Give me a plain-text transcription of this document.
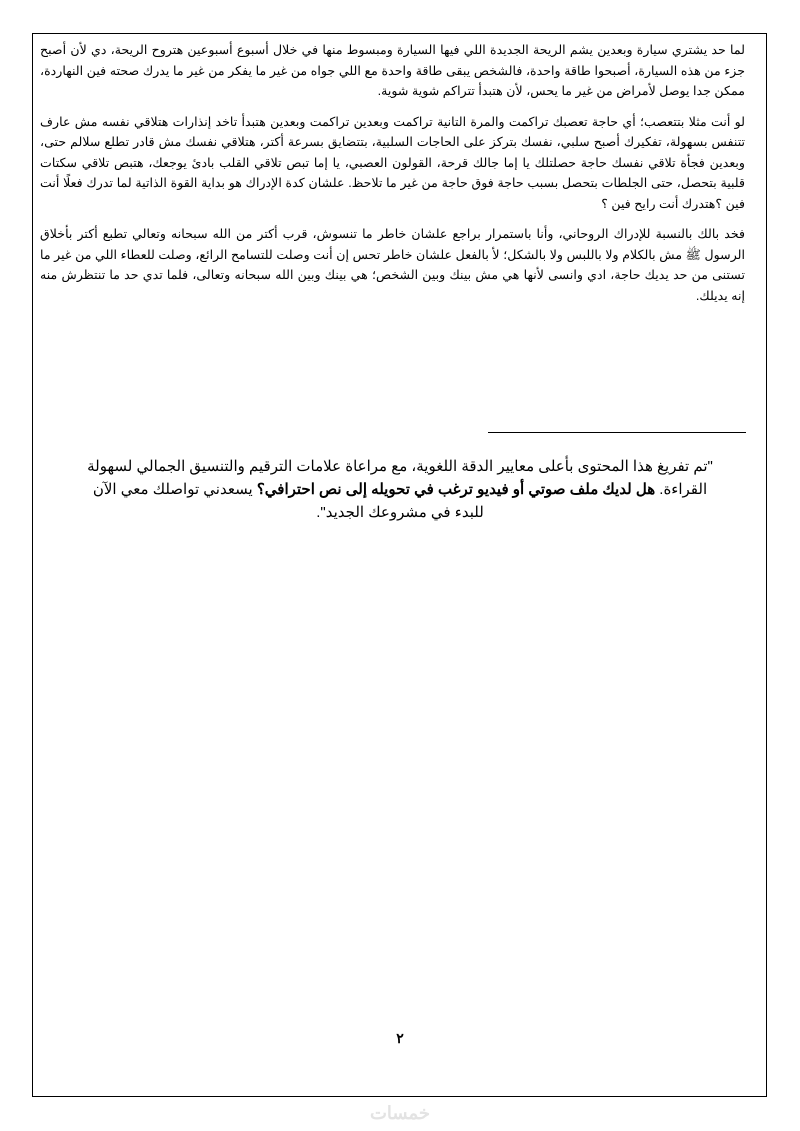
لما حد يشتري سيارة وبعدين يشم الريحة الجديدة اللي فيها السيارة ومبسوط منها في خلال أسبوع أسبوعين هتروح الريحة، دي لأن أصبح جزء من هذه السيارة، أصبحوا طاقة واحدة، فالشخص يبقى طاقة واحدة مع اللي جواه من غير ما يفكر من غير ما يدرك صحته فين النهاردة، ممكن جدا يوصل لأمراض من غير ما يحس، لأن هتبدأ تتراكم شوية شوية.

لو أنت مثلا بتتعصب؛ أي حاجة تعصبك تراكمت والمرة التانية تراكمت وبعدين تراكمت وبعدين هتبدأ تاخد إنذارات هتلاقي نفسه مش عارف تتنفس بسهولة، تفكيرك أصبح سلبي، نفسك بتركز على الحاجات السلبية، بتتضايق بسرعة أكتر، هتلاقي نفسك مش قادر تطلع سلالم حتى، وبعدين فجأة تلاقي نفسك حاجة حصلتلك يا إما جالك قرحة، القولون العصبي، يا إما تبص تلاقي القلب بادئ يوجعك، هتبص تلاقي سكتات قلبية بتحصل، حتى الجلطات بتحصل بسبب حاجة فوق حاجة من غير ما تلاحظ. علشان كدة الإدراك هو بداية القوة الذاتية لما تدرك فعلًا أنت فين ؟هتدرك أنت رايح فين ؟

فخد بالك بالنسبة للإدراك الروحاني، وأنا باستمرار براجع علشان خاطر ما تنسوش، قرب أكتر من الله سبحانه وتعالي تطبع أكتر بأخلاق الرسول ﷺ مش بالكلام ولا باللبس ولا بالشكل؛ لأ بالفعل علشان خاطر تحس إن أنت وصلت للتسامح الرائع، وصلت للعطاء اللي من غير ما تستنى من حد يديك حاجة، ادي وانسى لأنها هي مش بينك وبين الشخص؛ هي بينك وبين الله سبحانه وتعالى، فلما تدي حد ما تنتظرش منه إنه يديلك.

"تم تفريغ هذا المحتوى بأعلى معايير الدقة اللغوية، مع مراعاة علامات الترقيم والتنسيق الجمالي لسهولة القراءة. هل لديك ملف صوتي أو فيديو ترغب في تحويله إلى نص احترافي؟ يسعدني تواصلك معي الآن للبدء في مشروعك الجديد".
٢
خمسات
